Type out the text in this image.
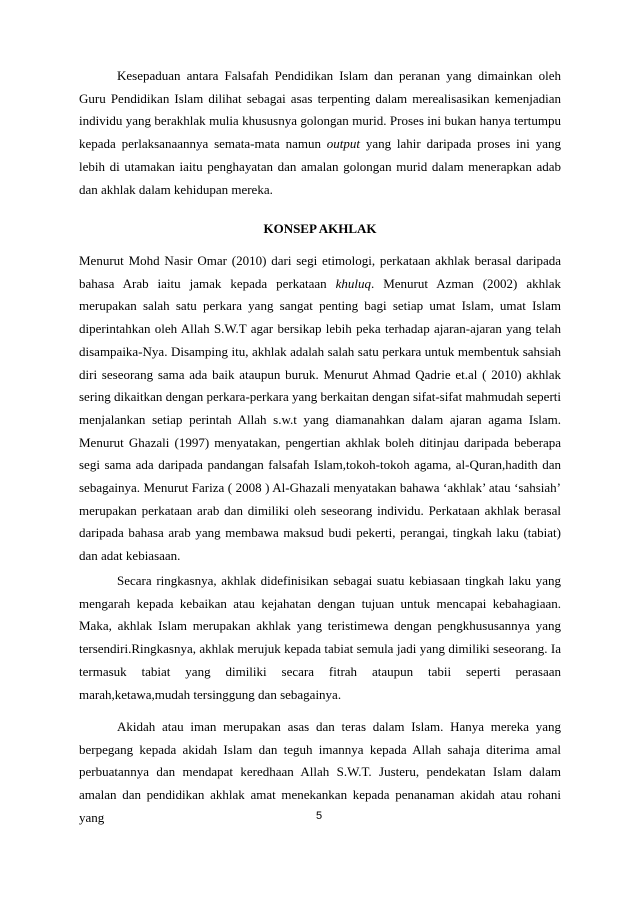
Kesepaduan antara Falsafah Pendidikan Islam dan peranan yang dimainkan oleh Guru Pendidikan Islam dilihat sebagai asas terpenting dalam merealisasikan kemenjadian individu yang berakhlak mulia khususnya golongan murid. Proses ini bukan hanya tertumpu kepada perlaksanaannya semata-mata namun output yang lahir daripada proses ini yang lebih di utamakan iaitu penghayatan dan amalan golongan murid dalam menerapkan adab dan akhlak dalam kehidupan mereka.

KONSEP AKHLAK

Menurut Mohd Nasir Omar (2010) dari segi etimologi, perkataan akhlak berasal daripada bahasa Arab iaitu jamak kepada perkataan khuluq. Menurut Azman (2002) akhlak merupakan salah satu perkara yang sangat penting bagi setiap umat Islam, umat Islam diperintahkan oleh Allah S.W.T agar bersikap lebih peka terhadap ajaran-ajaran yang telah disampaika-Nya. Disamping itu, akhlak adalah salah satu perkara untuk membentuk sahsiah diri seseorang sama ada baik ataupun buruk. Menurut Ahmad Qadrie et.al ( 2010) akhlak sering dikaitkan dengan perkara-perkara yang berkaitan dengan sifat-sifat mahmudah seperti menjalankan setiap perintah Allah s.w.t yang diamanahkan dalam ajaran agama Islam. Menurut Ghazali (1997) menyatakan, pengertian akhlak boleh ditinjau daripada beberapa segi sama ada daripada pandangan falsafah Islam,tokoh-tokoh agama, al-Quran,hadith dan sebagainya. Menurut Fariza ( 2008 ) Al-Ghazali menyatakan bahawa ‘akhlak’ atau ‘sahsiah’ merupakan perkataan arab dan dimiliki oleh seseorang individu. Perkataan akhlak berasal daripada bahasa arab yang membawa maksud budi pekerti, perangai, tingkah laku (tabiat) dan adat kebiasaan.

Secara ringkasnya, akhlak didefinisikan sebagai suatu kebiasaan tingkah laku yang mengarah kepada kebaikan atau kejahatan dengan tujuan untuk mencapai kebahagiaan. Maka, akhlak Islam merupakan akhlak yang teristimewa dengan pengkhususannya yang tersendiri.Ringkasnya, akhlak merujuk kepada tabiat semula jadi yang dimiliki seseorang. Ia termasuk tabiat yang dimiliki secara fitrah ataupun tabii seperti perasaan marah,ketawa,mudah tersinggung dan sebagainya.

Akidah atau iman merupakan asas dan teras dalam Islam. Hanya mereka yang berpegang kepada akidah Islam dan teguh imannya kepada Allah sahaja diterima amal perbuatannya dan mendapat keredhaan Allah S.W.T. Justeru, pendekatan Islam dalam amalan dan pendidikan akhlak amat menekankan kepada penanaman akidah atau rohani yang	5
